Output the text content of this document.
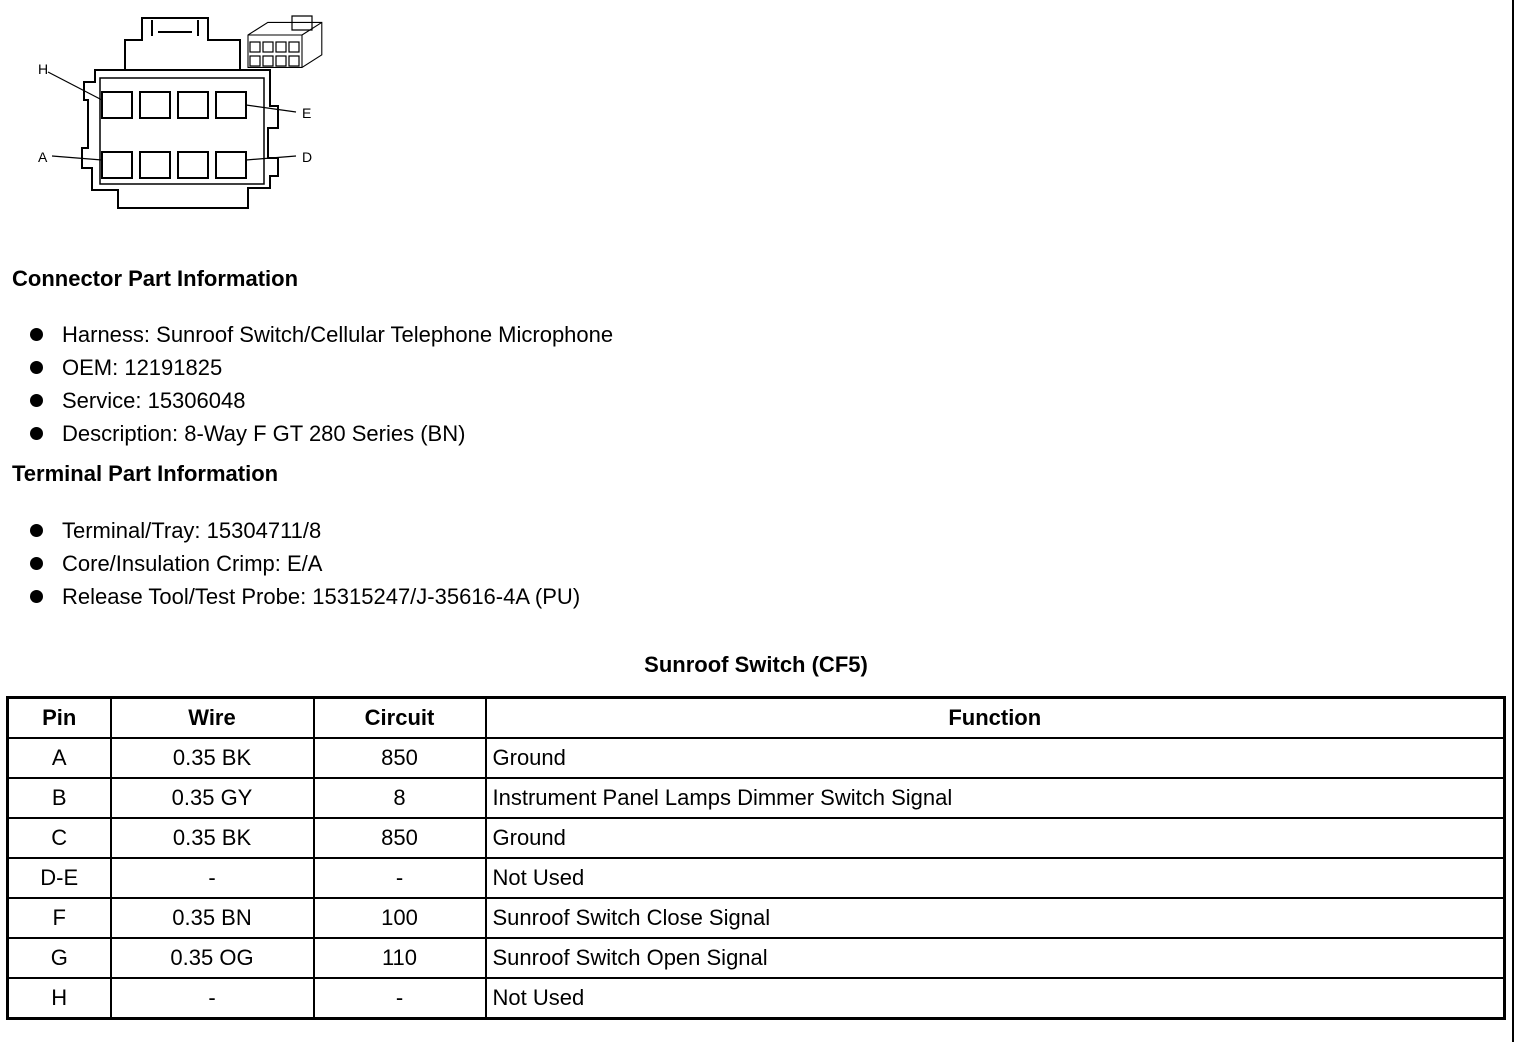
H
E
A	D
Connector Part Information
Harness: Sunroof Switch/Cellular Telephone Microphone
OEM: 12191825
Service: 15306048
Description: 8-Way F GT 280 Series (BN)
Terminal Part Information
Terminal/Tray: 15304711/8
Core/Insulation Crimp: E/A
Release Tool/Test Probe: 15315247/J-35616-4A (PU)
Sunroof Switch (CF5)
Pin	Wire	Circuit	Function
A	0.35 BK	850	Ground
B	0.35 GY	8	Instrument Panel Lamps Dimmer Switch Signal
C	0.35 BK	850	Ground
D-E	-	-	Not Used
F	0.35 BN	100	Sunroof Switch Close Signal
G	0.35 OG	110	Sunroof Switch Open Signal
H	-	-	Not Used
